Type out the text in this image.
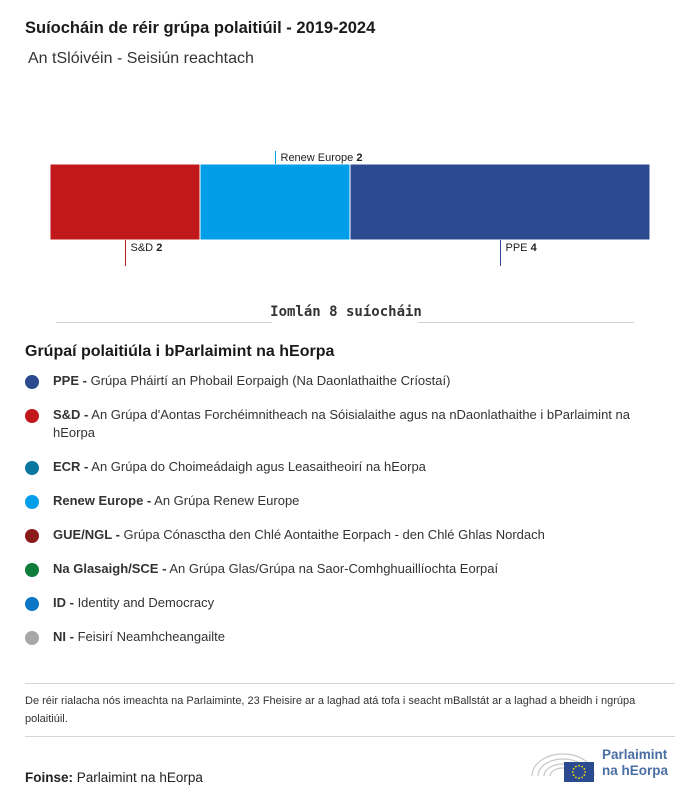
Suíocháin de réir grúpa polaitiúil - 2019-2024
An tSlóivéin - Seisiún reachtach
S&D 2
Renew Europe 2
PPE 4
Iomlán 8 suíocháin
Grúpaí polaitiúla i bParlaimint na hEorpa
PPE - Grúpa Pháirtí an Phobail Eorpaigh (Na Daonlathaithe Críostaí)
S&D - An Grúpa d'Aontas Forchéimnitheach na Sóisialaithe agus na nDaonlathaithe i bParlaimint na hEorpa
ECR - An Grúpa do Choimeádaigh agus Leasaitheoirí na hEorpa
Renew Europe - An Grúpa Renew Europe
GUE/NGL - Grúpa Cónasctha den Chlé Aontaithe Eorpach - den Chlé Ghlas Nordach
Na Glasaigh/SCE - An Grúpa Glas/Grúpa na Saor-Comhghuaillíochta Eorpaí
ID - Identity and Democracy
NI - Feisirí Neamhcheangailte
De réir rialacha nós imeachta na Parlaiminte, 23 Fheisire ar a laghad atá tofa i seacht mBallstát ar a laghad a bheidh i ngrúpa polaitiúil.
Foinse: Parlaimint na hEorpa
Parlaimint
na hEorpa
